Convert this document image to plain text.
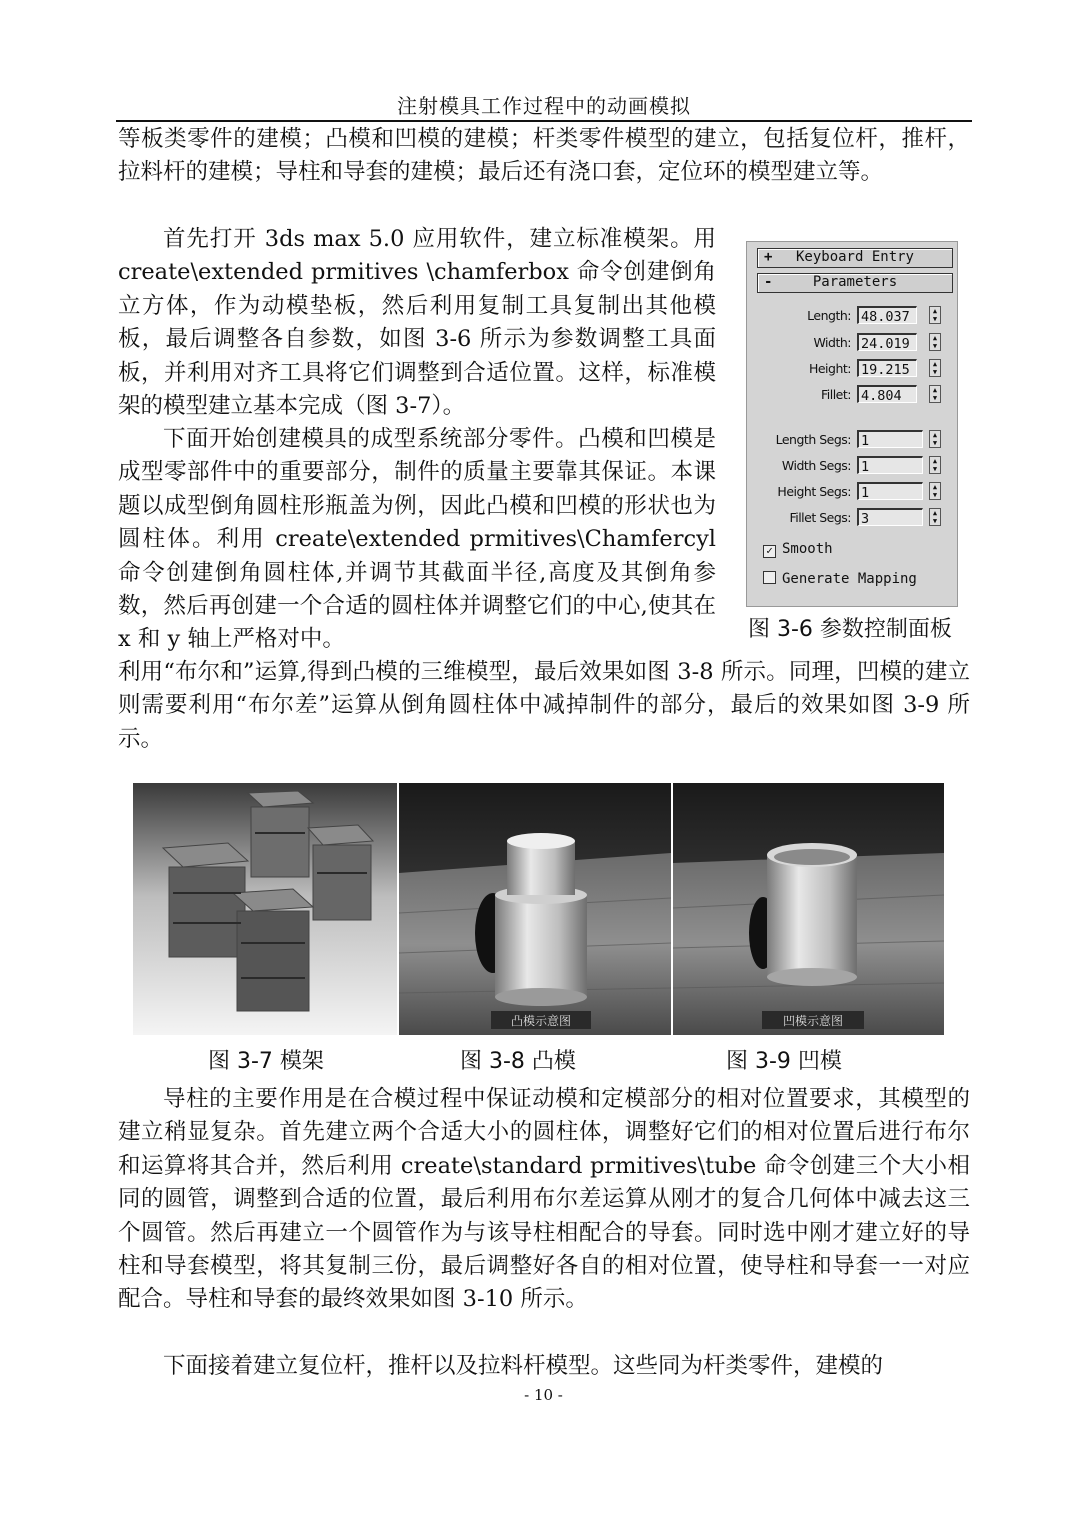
注射模具工作过程中的动画模拟

等板类零件的建模；凸模和凹模的建模；杆类零件模型的建立，包括复位杆，推杆，拉料杆的建模；导柱和导套的建模；最后还有浇口套，定位环的模型建立等。

首先打开 3ds max 5.0 应用软件，建立标准模架。用 create\extended prmitives \chamferbox 命令创建倒角立方体，作为动模垫板，然后利用复制工具复制出其他模板，最后调整各自参数，如图 3-6 所示为参数调整工具面板，并利用对齐工具将它们调整到合适位置。这样，标准模架的模型建立基本完成（图 3-7）。

下面开始创建模具的成型系统部分零件。凸模和凹模是成型零部件中的重要部分，制件的质量主要靠其保证。本课题以成型倒角圆柱形瓶盖为例，因此凸模和凹模的形状也为圆柱体。利用 create\extended prmitives\Chamfercyl 命令创建倒角圆柱体,并调节其截面半径,高度及其倒角参数，然后再创建一个合适的圆柱体并调整它们的中心,使其在 x 和 y 轴上严格对中。

利用“布尔和”运算,得到凸模的三维模型，最后效果如图 3-8 所示。同理，凹模的建立则需要利用“布尔差”运算从倒角圆柱体中减掉制件的部分，最后的效果如图 3-9 所示。

+	Keyboard Entry
-	Parameters
Length: 48.037	▲
▼
Width: 24.019	▲
▼
Height: 19.215	▲
▼
Fillet: 4.804	▲
▼
Length Segs: 1	▲
▼
Width Segs: 1	▲
▼
Height Segs: 1	▲
▼
Fillet Segs: 3	▲
▼
✓ Smooth
Generate Mapping
图 3-6 参数控制面板
凸模示意图	凹模示意图
图 3-7 模架	图 3-8 凸模	图 3-9 凹模

导柱的主要作用是在合模过程中保证动模和定模部分的相对位置要求，其模型的建立稍显复杂。首先建立两个合适大小的圆柱体，调整好它们的相对位置后进行布尔和运算将其合并，然后利用 create\standard prmitives\tube 命令创建三个大小相同的圆管，调整到合适的位置，最后利用布尔差运算从刚才的复合几何体中减去这三个圆管。然后再建立一个圆管作为与该导柱相配合的导套。同时选中刚才建立好的导柱和导套模型，将其复制三份，最后调整好各自的相对位置，使导柱和导套一一对应配合。导柱和导套的最终效果如图 3-10 所示。

下面接着建立复位杆，推杆以及拉料杆模型。这些同为杆类零件，建模的

- 10 -
